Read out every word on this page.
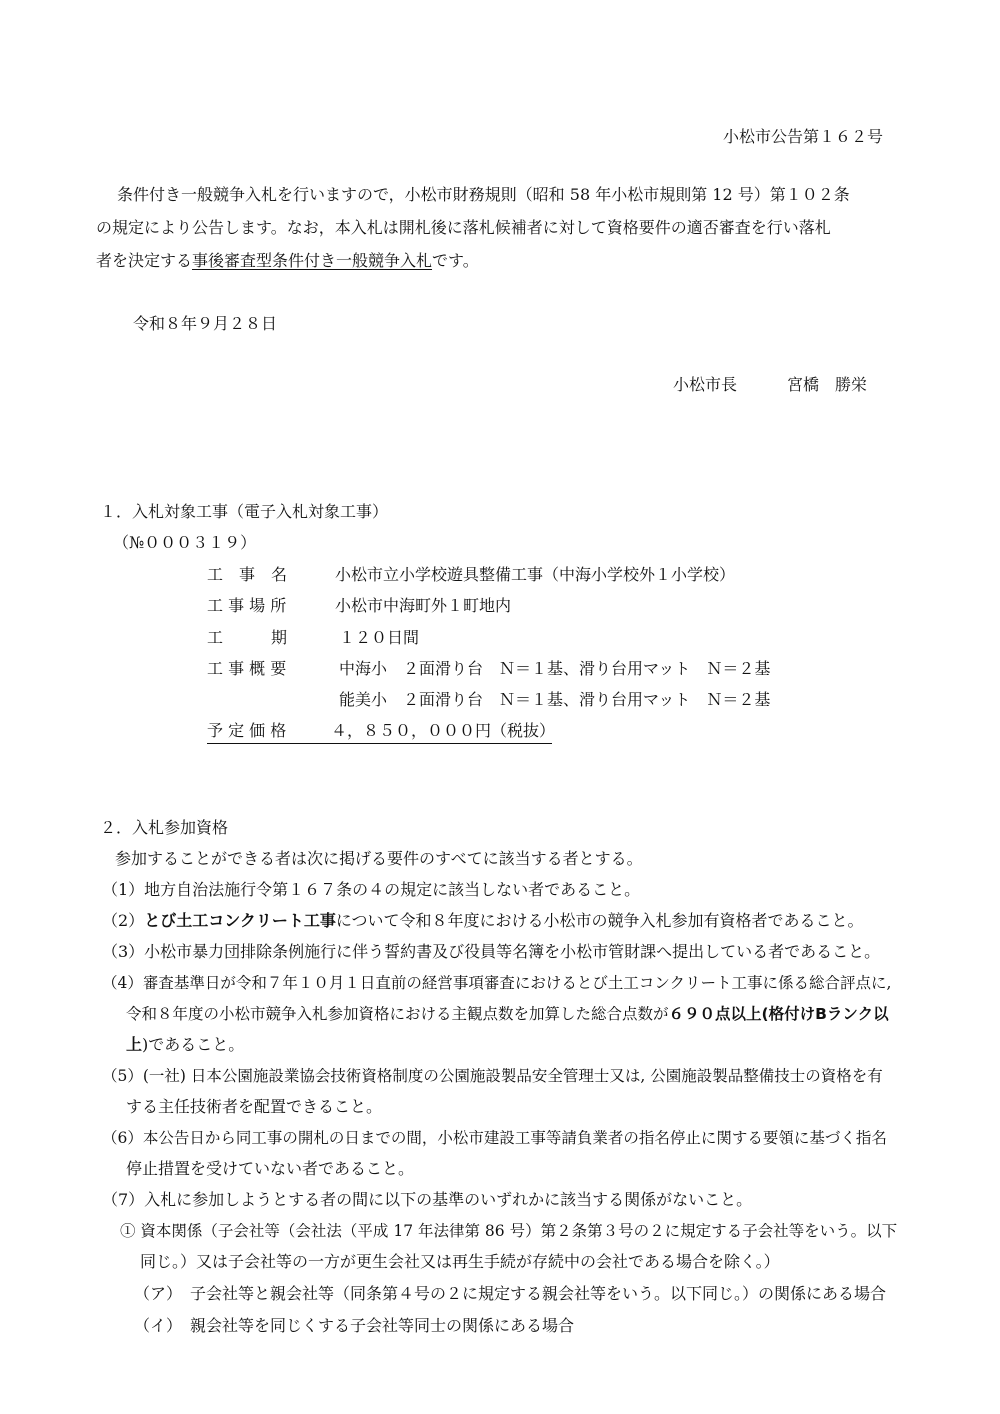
小松市公告第１６２号
条件付き一般競争入札を行いますので，小松市財務規則（昭和 58 年小松市規則第 12 号）第１０２条
の規定により公告します。なお，本入札は開札後に落札候補者に対して資格要件の適否審査を行い落札
者を決定する事後審査型条件付き一般競争入札です。
令和８年９月２８日
小松市長	宮橋　勝栄
１．入札対象工事（電子入札対象工事）
（№０００３１９）
工　事　名	小松市立小学校遊具整備工事（中海小学校外１小学校）
工 事 場 所	小松市中海町外１町地内
工　　　期	１２０日間
工 事 概 要	中海小　２面滑り台　Ｎ＝１基、滑り台用マット　Ｎ＝２基
能美小　２面滑り台　Ｎ＝１基、滑り台用マット　Ｎ＝２基
予 定 価 格	４，８５０，０００円（税抜）
２．入札参加資格
参加することができる者は次に掲げる要件のすべてに該当する者とする。
（1）地方自治法施行令第１６７条の４の規定に該当しない者であること。
（2）とび土工コンクリート工事について令和８年度における小松市の競争入札参加有資格者であること。
（3）小松市暴力団排除条例施行に伴う誓約書及び役員等名簿を小松市管財課へ提出している者であること。
（4）審査基準日が令和７年１０月１日直前の経営事項審査におけるとび土工コンクリート工事に係る総合評点に,
令和８年度の小松市競争入札参加資格における主観点数を加算した総合点数が６９０点以上(格付けBランク以
上)であること。
（5）(一社) 日本公園施設業協会技術資格制度の公園施設製品安全管理士又は, 公園施設製品整備技士の資格を有
する主任技術者を配置できること。
（6）本公告日から同工事の開札の日までの間，小松市建設工事等請負業者の指名停止に関する要領に基づく指名
停止措置を受けていない者であること。
（7）入札に参加しようとする者の間に以下の基準のいずれかに該当する関係がないこと。
① 資本関係（子会社等（会社法（平成 17 年法律第 86 号）第２条第３号の２に規定する子会社等をいう。以下
同じ。）又は子会社等の一方が更生会社又は再生手続が存続中の会社である場合を除く。）
（ア）　子会社等と親会社等（同条第４号の２に規定する親会社等をいう。以下同じ。）の関係にある場合
（イ）　親会社等を同じくする子会社等同士の関係にある場合
